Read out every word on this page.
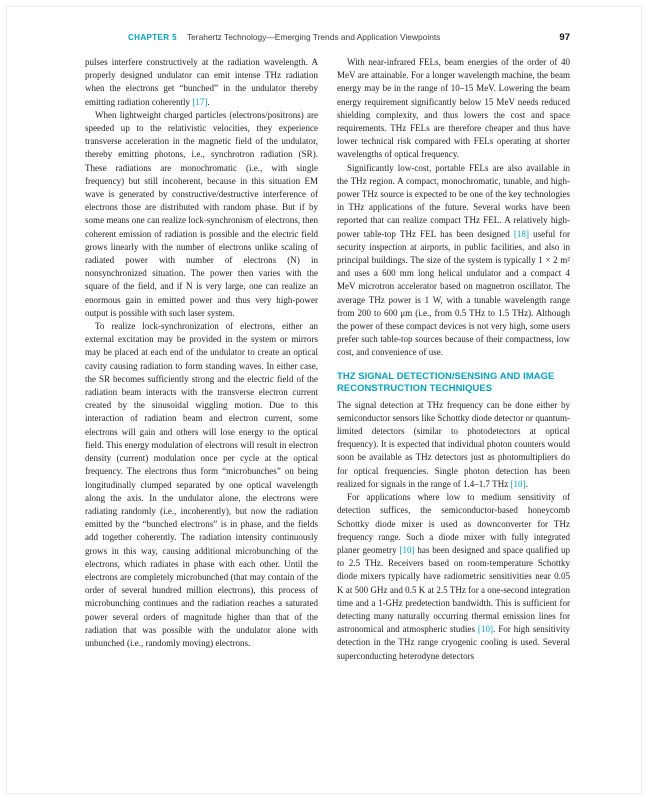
CHAPTER 5 Terahertz Technology—Emerging Trends and Application Viewpoints	97

pulses interfere constructively at the radiation wavelength. A properly designed undulator can emit intense THz radiation when the electrons get “bunched” in the undulator thereby emitting radiation coherently [17].

When lightweight charged particles (electrons/positrons) are speeded up to the relativistic velocities, they experience transverse acceleration in the magnetic field of the undulator, thereby emitting photons, i.e., synchrotron radiation (SR). These radiations are monochromatic (i.e., with single frequency) but still incoherent, because in this situation EM wave is generated by constructive/destructive interference of electrons those are distributed with random phase. But if by some means one can realize lock-synchronism of electrons, then coherent emission of radiation is possible and the electric field grows linearly with the number of electrons unlike scaling of radiated power with number of electrons (N) in nonsynchronized situation. The power then varies with the square of the field, and if N is very large, one can realize an enormous gain in emitted power and thus very high-power output is possible with such laser system.

To realize lock-synchronization of electrons, either an external excitation may be provided in the system or mirrors may be placed at each end of the undulator to create an optical cavity causing radiation to form standing waves. In either case, the SR becomes sufficiently strong and the electric field of the radiation beam interacts with the transverse electron current created by the sinusoidal wiggling motion. Due to this interaction of radiation beam and electron current, some electrons will gain and others will lose energy to the optical field. This energy modulation of electrons will result in electron density (current) modulation once per cycle at the optical frequency. The electrons thus form “microbunches” on being longitudinally clumped separated by one optical wavelength along the axis. In the undulator alone, the electrons were radiating randomly (i.e., incoherently), but now the radiation emitted by the “bunched electrons” is in phase, and the fields add together coherently. The radiation intensity continuously grows in this way, causing additional microbunching of the electrons, which radiates in phase with each other. Until the electrons are completely microbunched (that may contain of the order of several hundred million electrons), this process of microbunching continues and the radiation reaches a saturated power several orders of magnitude higher than that of the radiation that was possible with the undulator alone with unbunched (i.e., randomly moving) electrons.

With near-infrared FELs, beam energies of the order of 40 MeV are attainable. For a longer wavelength machine, the beam energy may be in the range of 10–15 MeV. Lowering the beam energy requirement significantly below 15 MeV needs reduced shielding complexity, and thus lowers the cost and space requirements. THz FELs are therefore cheaper and thus have lower technical risk compared with FELs operating at shorter wavelengths of optical frequency.

Significantly low-cost, portable FELs are also available in the THz region. A compact, monochromatic, tunable, and high-power THz source is expected to be one of the key technologies in THz applications of the future. Several works have been reported that can realize compact THz FEL. A relatively high-power table-top THz FEL has been designed [18] useful for security inspection at airports, in public facilities, and also in principal buildings. The size of the system is typically 1 × 2 m² and uses a 600 mm long helical undulator and a compact 4 MeV microtron accelerator based on magnetron oscillator. The average THz power is 1 W, with a tunable wavelength range from 200 to 600 μm (i.e., from 0.5 THz to 1.5 THz). Although the power of these compact devices is not very high, some users prefer such table-top sources because of their compactness, low cost, and convenience of use.

THZ SIGNAL DETECTION/SENSING AND IMAGE RECONSTRUCTION TECHNIQUES

The signal detection at THz frequency can be done either by semiconductor sensors like Schottky diode detector or quantum-limited detectors (similar to photodetectors at optical frequency). It is expected that individual photon counters would soon be available as THz detectors just as photomultipliers do for optical frequencies. Single photon detection has been realized for signals in the range of 1.4–1.7 THz [10].

For applications where low to medium sensitivity of detection suffices, the semiconductor-based honeycomb Schottky diode mixer is used as downconverter for THz frequency range. Such a diode mixer with fully integrated planer geometry [10] has been designed and space qualified up to 2.5 THz. Receivers based on room-temperature Schottky diode mixers typically have radiometric sensitivities near 0.05 K at 500 GHz and 0.5 K at 2.5 THz for a one-second integration time and a 1-GHz predetection bandwidth. This is sufficient for detecting many naturally occurring thermal emission lines for astronomical and atmospheric studies [10]. For high sensitivity detection in the THz range cryogenic cooling is used. Several superconducting heterodyne detectors
